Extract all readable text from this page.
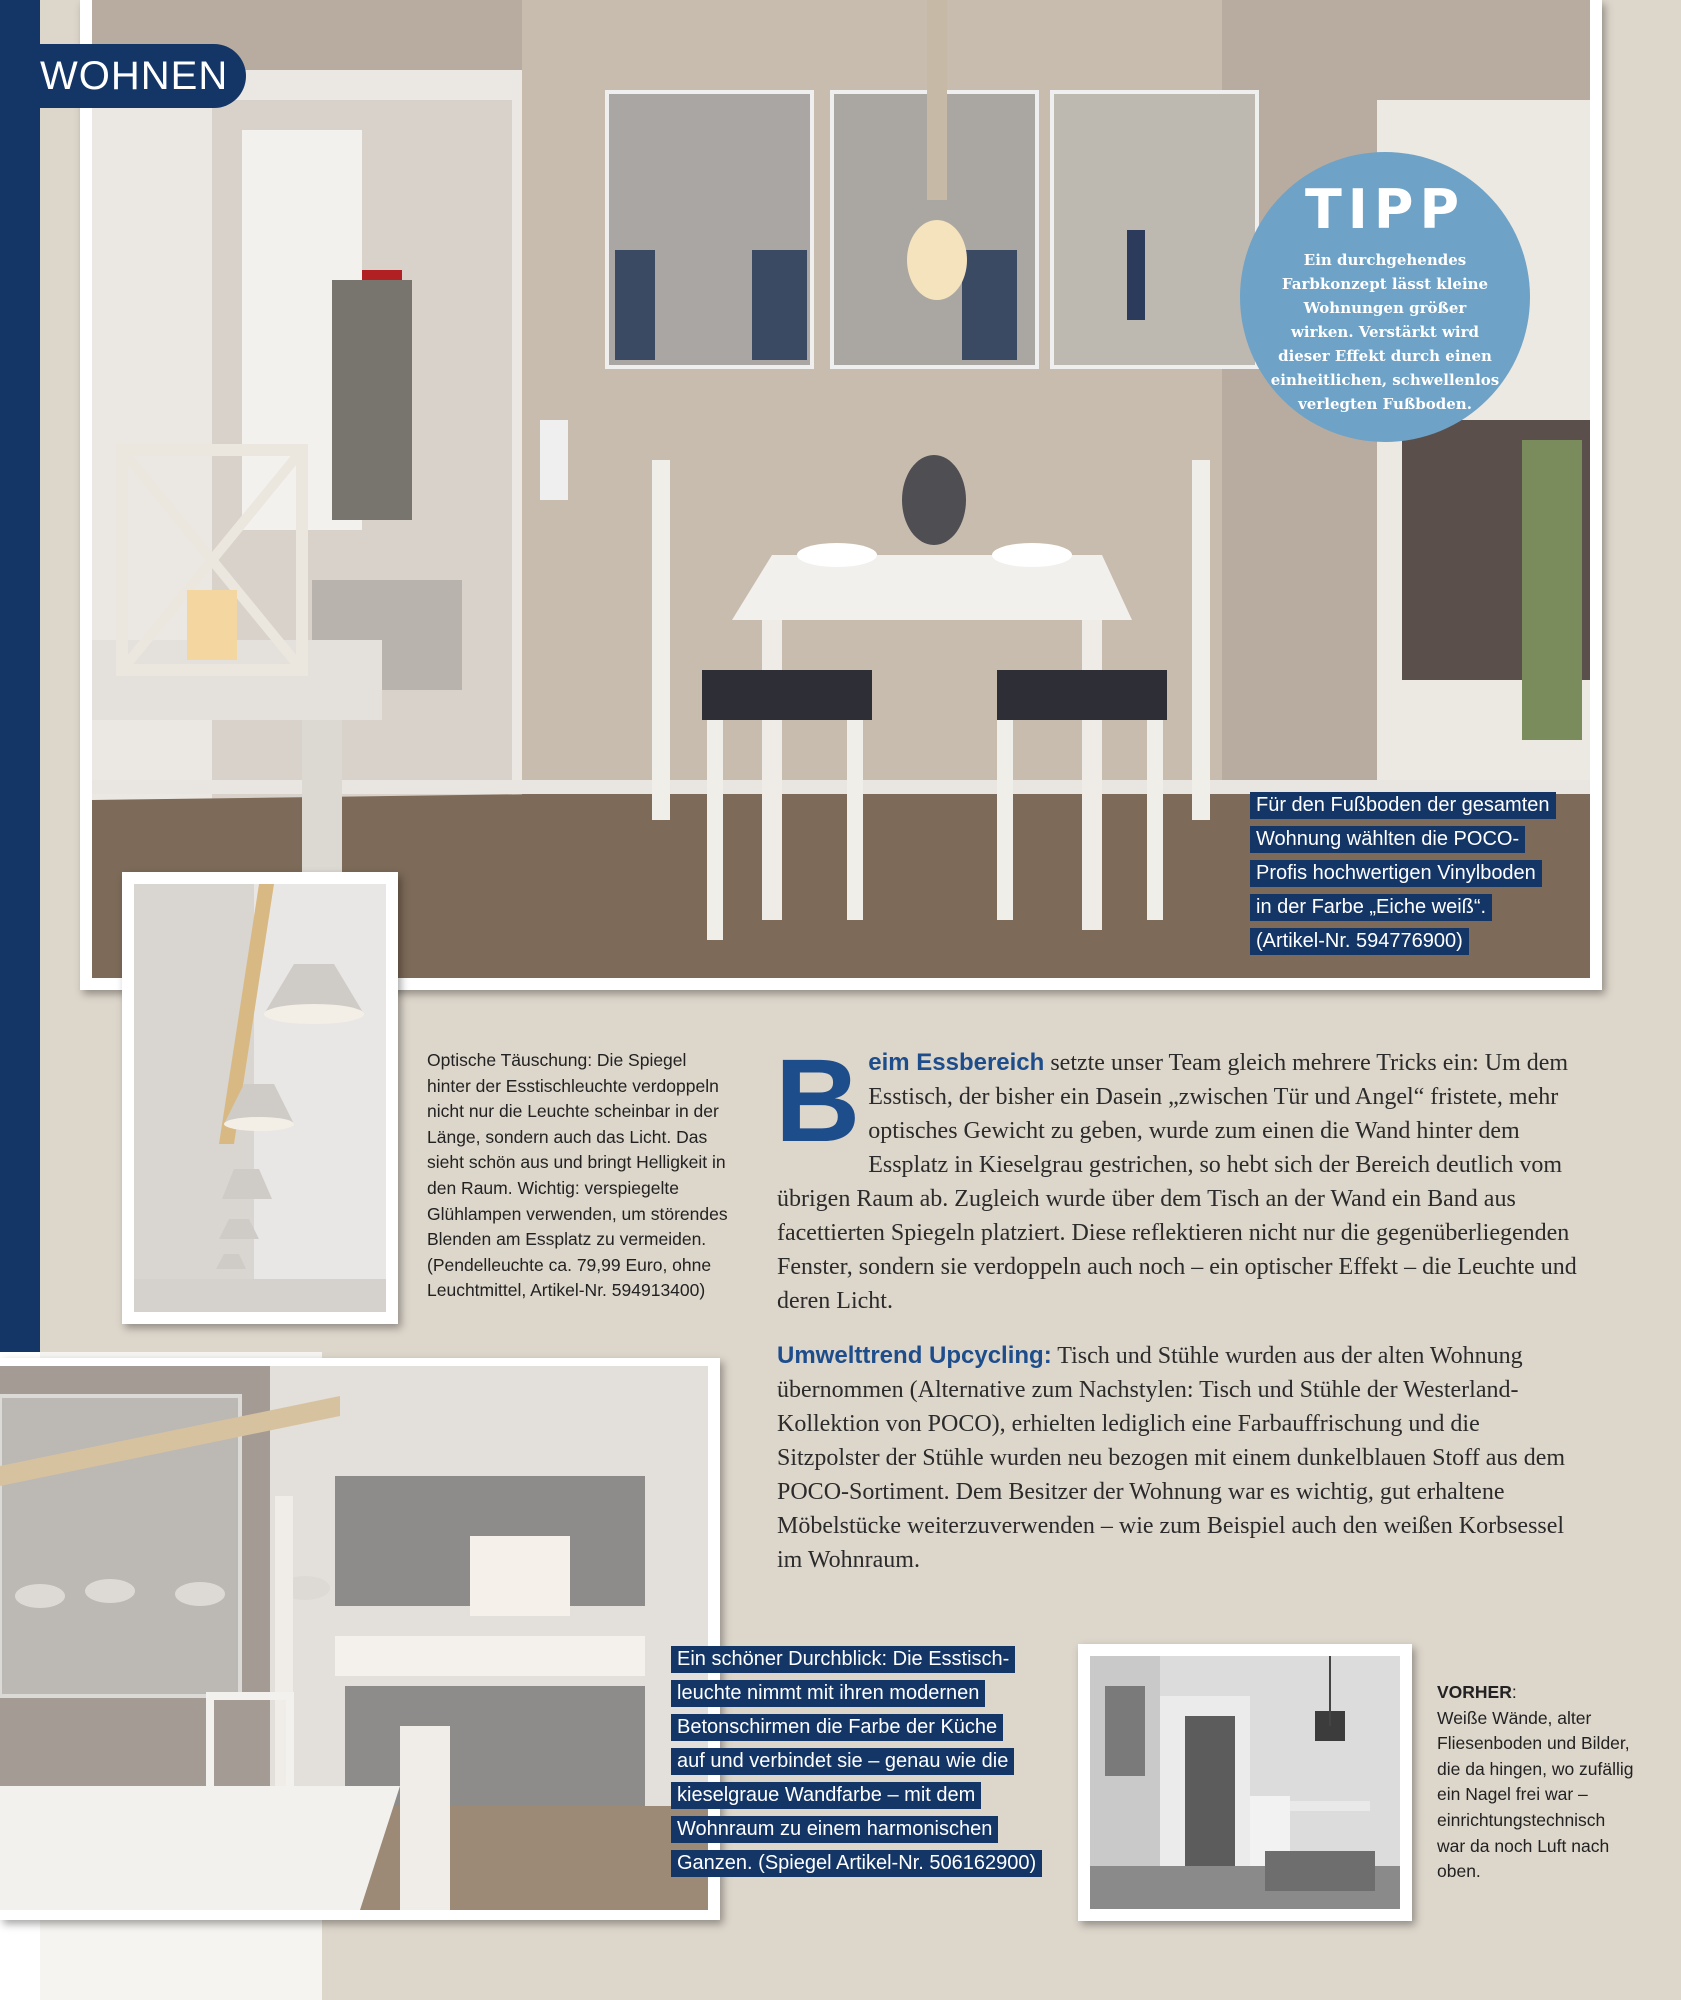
WOHNEN
TIPP
Ein durchgehendes Farbkonzept lässt kleine Wohnungen größer wirken. Verstärkt wird dieser Effekt durch einen einheitlichen, schwellenlos verlegten Fußboden.
Für den Fußboden der gesamten
Wohnung wählten die POCO-
Profis hochwertigen Vinylboden
in der Farbe „Eiche weiß“.
(Artikel-Nr. 594776900)
Optische Täuschung: Die Spiegel hinter der Esstischleuchte verdoppeln nicht nur die Leuchte scheinbar in der Länge, sondern auch das Licht. Das sieht schön aus und bringt Helligkeit in den Raum. Wichtig: verspiegelte Glühlampen verwenden, um störendes Blenden am Essplatz zu vermeiden. (Pendelleuchte ca. 79,99 Euro, ohne Leuchtmittel, Artikel-Nr. 594913400)

Beim Essbereich setzte unser Team gleich mehrere Tricks ein: Um dem Esstisch, der bisher ein Dasein „zwischen Tür und Angel“ fristete, mehr optisches Gewicht zu geben, wurde zum einen die Wand hinter dem Essplatz in Kieselgrau gestrichen, so hebt sich der Bereich deutlich vom übrigen Raum ab. Zugleich wurde über dem Tisch an der Wand ein Band aus facettierten Spiegeln platziert. Diese reflektieren nicht nur die gegenüberliegenden Fenster, sondern sie verdoppeln auch noch – ein optischer Effekt – die Leuchte und deren Licht.

Umwelttrend Upcycling: Tisch und Stühle wurden aus der alten Wohnung übernommen (Alternative zum Nachstylen: Tisch und Stühle der Westerland-Kollektion von POCO), erhielten lediglich eine Farbauffrischung und die Sitzpolster der Stühle wurden neu bezogen mit einem dunkelblauen Stoff aus dem POCO-Sortiment. Dem Besitzer der Wohnung war es wichtig, gut erhaltene Möbelstücke weiterzuverwenden – wie zum Beispiel auch den weißen Korbsessel im Wohnraum.

Ein schöner Durchblick: Die Esstisch-
leuchte nimmt mit ihren modernen
Betonschirmen die Farbe der Küche
auf und verbindet sie – genau wie die
kieselgraue Wandfarbe – mit dem
Wohnraum zu einem harmonischen
Ganzen. (Spiegel Artikel-Nr. 506162900)
VORHER:
Weiße Wände, alter Fliesenboden und Bilder, die da hingen, wo zufällig ein Nagel frei war – einrichtungstechnisch war da noch Luft nach oben.
